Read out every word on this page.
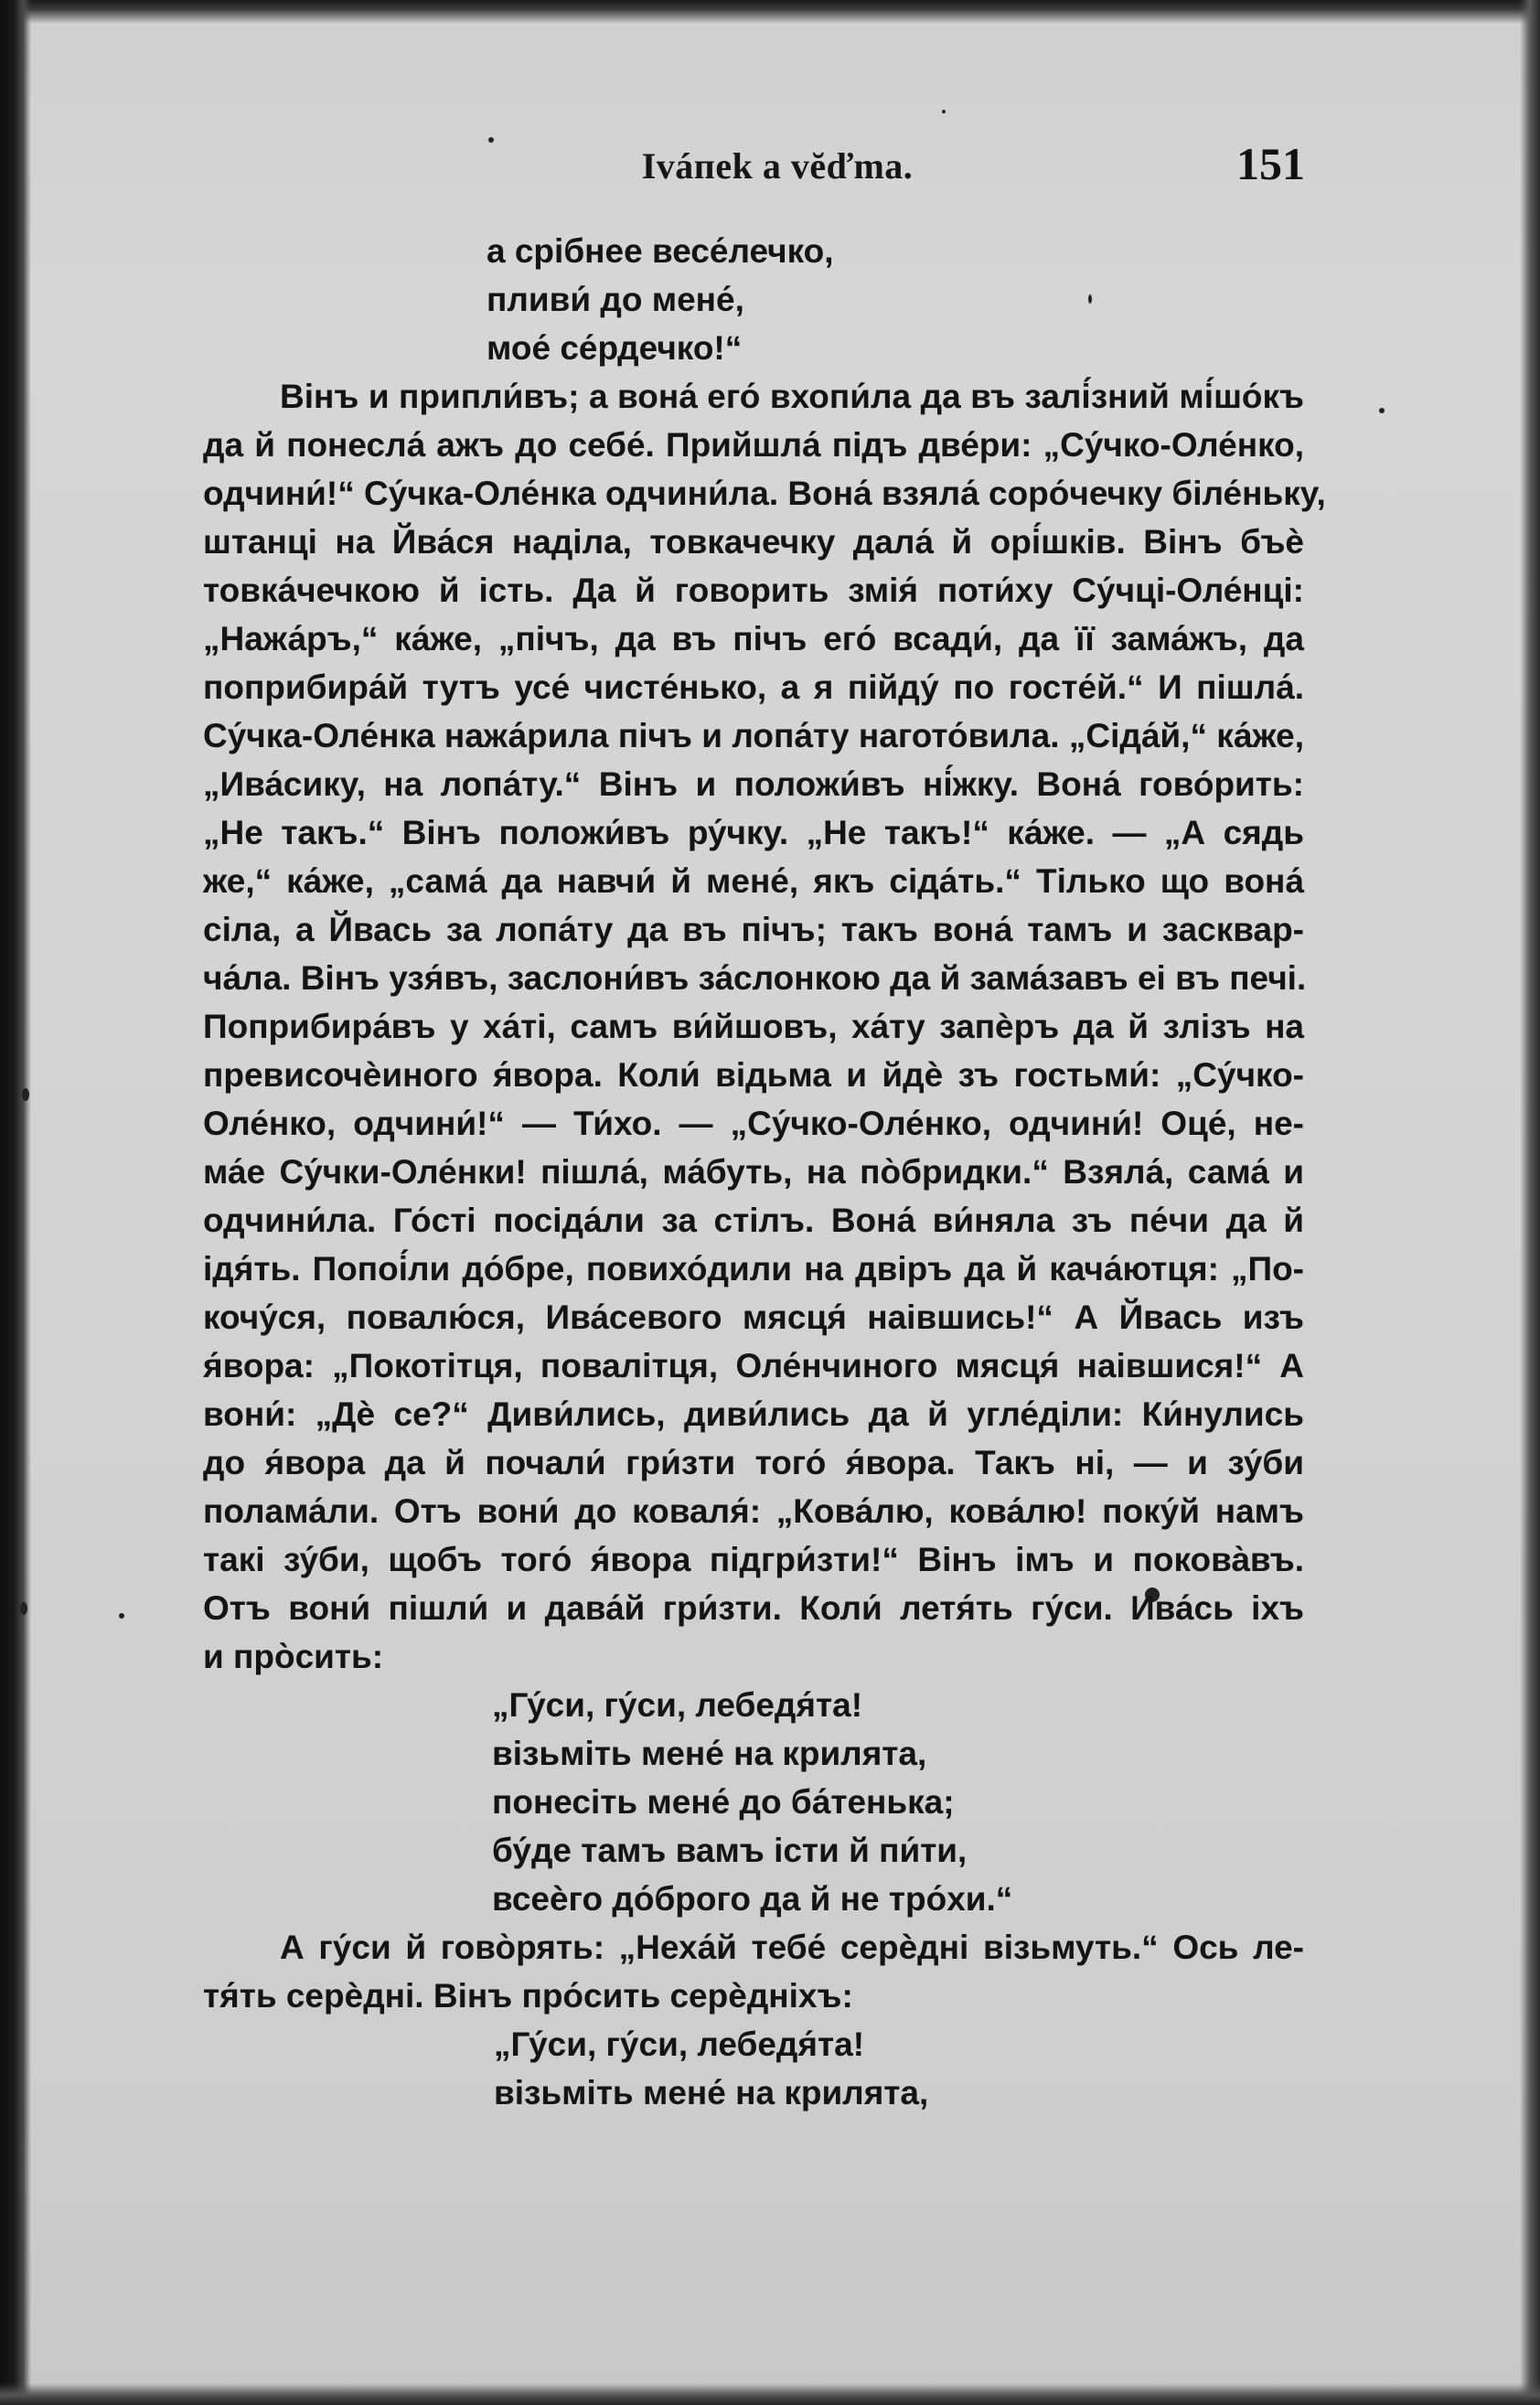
Iváпеk a vĕďma.	151
а срібнее весе́лечко,
пливи́ до мене́,
мое́ се́рдечко!“
Вінъ и припли́въ; а вона́ его́ вхопи́ла да въ залі́зний мі́шо́къ
да й понесла́ ажъ до себе́. Прийшла́ підъ две́ри: „Су́чко-Оле́нко,
одчини́!“ Су́чка-Оле́нка одчини́ла. Вона́ взяла́ соро́чечку біле́ньку,
штанці на Йва́ся наділа, товкачечку дала́ й орі́шків. Вінъ бъѐ
товка́чечкою й ість. Да й говорить змія́ поти́ху Су́чці-Оле́нці:
„Нажа́ръ,“ ка́же, „пічъ, да въ пічъ его́ всади́, да її зама́жъ, да
поприбира́й тутъ усе́ чисте́нько, а я пійду́ по госте́й.“ И пішла́.
Су́чка-Оле́нка нажа́рила пічъ и лопа́ту нагото́вила. „Сіда́й,“ ка́же,
„Ива́сику, на лопа́ту.“ Вінъ и положи́въ ні́жку. Вона́ гово́рить:
„Не такъ.“ Вінъ положи́въ ру́чку. „Не такъ!“ ка́же. — „А сядь
же,“ ка́же, „сама́ да навчи́ й мене́, якъ сіда́ть.“ Тілько що вона́
сіла, а Йвась за лопа́ту да въ пічъ; такъ вона́ тамъ и засквар-
ча́ла. Вінъ узя́въ, заслони́въ за́слонкою да й зама́завъ еі въ печі.
Поприбира́въ у ха́ті, самъ ви́йшовъ, ха́ту запѐръ да й злізъ на
превисочѐиного я́вора. Коли́ відьма и йдѐ зъ гостьми́: „Су́чко-
Оле́нко, одчини́!“ — Ти́хо. — „Су́чко-Оле́нко, одчини́! Оце́, не-
ма́е Су́чки-Оле́нки! пішла́, ма́буть, на по̀бридки.“ Взяла́, сама́ и
одчини́ла. Го́сті посіда́ли за стілъ. Вона́ ви́няла зъ пе́чи да й
ідя́ть. Попоі́ли до́бре, повихо́дили на двіръ да й кача́ютця: „По-
кочу́ся, повалю́ся, Ива́севого мясця́ наівшись!“ А Йвась изъ
я́вора: „Покотітця, повалітця, Оле́нчиного мясця́ наівшися!“ А
вони́: „Дѐ се?“ Диви́лись, диви́лись да й угле́діли: Ки́нулись
до я́вора да й почали́ гри́зти того́ я́вора. Такъ ні, — и зу́би
полама́ли. Отъ вони́ до коваля́: „Кова́лю, кова́лю! поку́й намъ
такі зу́би, щобъ того́ я́вора підгри́зти!“ Вінъ імъ и покова̀въ.
Отъ вони́ пішли́ и дава́й гри́зти. Коли́ летя́ть гу́си. Ива́сь іхъ
и про̀сить:
„Гу́си, гу́си, лебедя́та!
візьміть мене́ на крилята,
понесіть мене́ до ба́тенька;
бу́де тамъ вамъ істи й пи́ти,
всеѐго до́брого да й не тро́хи.“
А гу́си й гово̀рять: „Неха́й тебе́ серѐдні візьмуть.“ Ось ле-
тя́ть серѐдні. Вінъ про́сить серѐдніхъ:
„Гу́си, гу́си, лебедя́та!
візьміть мене́ на крилята,
